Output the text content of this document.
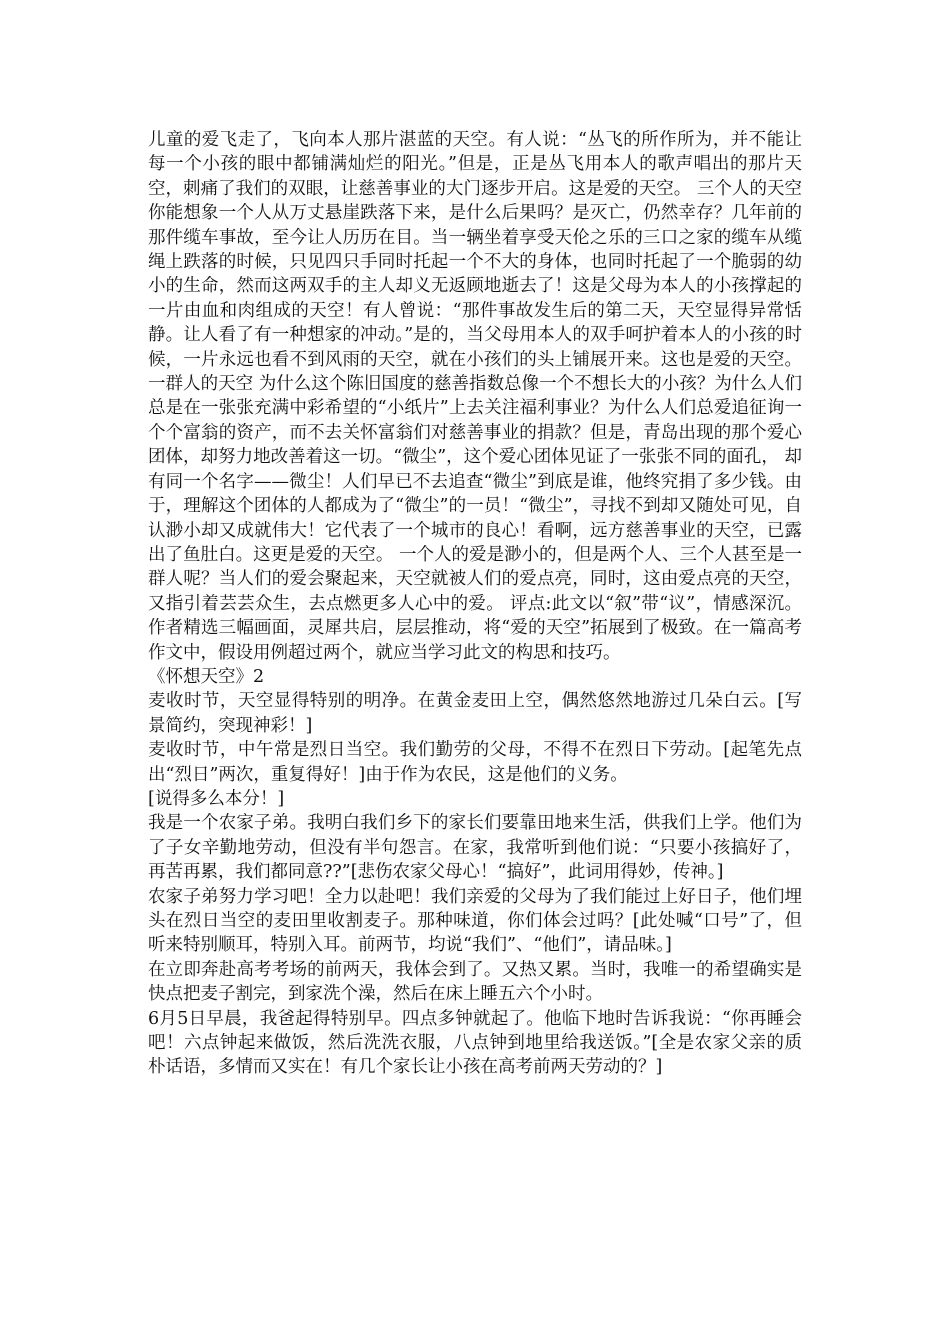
儿童的爱飞走了，飞向本人那片湛蓝的天空。有人说：“丛飞的所作所为，并不能让每一个小孩的眼中都铺满灿烂的阳光。”但是，正是丛飞用本人的歌声唱出的那片天空，刺痛了我们的双眼，让慈善事业的大门逐步开启。这是爱的天空。 三个人的天空 你能想象一个人从万丈悬崖跌落下来，是什么后果吗？是灭亡，仍然幸存？几年前的那件缆车事故，至今让人历历在目。当一辆坐着享受天伦之乐的三口之家的缆车从缆绳上跌落的时候，只见四只手同时托起一个不大的身体，也同时托起了一个脆弱的幼小的生命，然而这两双手的主人却义无返顾地逝去了！这是父母为本人的小孩撑起的一片由血和肉组成的天空！有人曾说：“那件事故发生后的第二天，天空显得异常恬静。让人看了有一种想家的冲动。”是的，当父母用本人的双手呵护着本人的小孩的时候，一片永远也看不到风雨的天空，就在小孩们的头上铺展开来。这也是爱的天空。 一群人的天空 为什么这个陈旧国度的慈善指数总像一个不想长大的小孩？为什么人们总是在一张张充满中彩希望的“小纸片”上去关注福利事业？为什么人们总爱追征询一个个富翁的资产，而不去关怀富翁们对慈善事业的捐款？但是，青岛出现的那个爱心团体，却努力地改善着这一切。“微尘”，这个爱心团体见证了一张张不同的面孔， 却有同一个名字——微尘！人们早已不去追查“微尘”到底是谁，他终究捐了多少钱。由于，理解这个团体的人都成为了“微尘”的一员！“微尘”，寻找不到却又随处可见，自认渺小却又成就伟大！它代表了一个城市的良心！看啊，远方慈善事业的天空，已露出了鱼肚白。这更是爱的天空。 一个人的爱是渺小的，但是两个人、三个人甚至是一群人呢？当人们的爱会聚起来，天空就被人们的爱点亮，同时，这由爱点亮的天空，又指引着芸芸众生，去点燃更多人心中的爱。 评点:此文以“叙”带“议”，情感深沉。作者精选三幅画面，灵犀共启，层层推动，将“爱的天空”拓展到了极致。在一篇高考作文中，假设用例超过两个，就应当学习此文的构思和技巧。

《怀想天空》2

麦收时节，天空显得特别的明净。在黄金麦田上空，偶然悠然地游过几朵白云。[写景简约，突现神彩！]

麦收时节，中午常是烈日当空。我们勤劳的父母，不得不在烈日下劳动。[起笔先点出“烈日”两次，重复得好！]由于作为农民，这是他们的义务。

[说得多么本分！]

我是一个农家子弟。我明白我们乡下的家长们要靠田地来生活，供我们上学。他们为了子女辛勤地劳动，但没有半句怨言。在家，我常听到他们说：“只要小孩搞好了，再苦再累，我们都同意??”[悲伤农家父母心！“搞好”，此词用得妙，传神。]

农家子弟努力学习吧！全力以赴吧！我们亲爱的父母为了我们能过上好日子，他们埋头在烈日当空的麦田里收割麦子。那种味道，你们体会过吗？[此处喊“口号”了，但听来特别顺耳，特别入耳。前两节，均说“我们”、“他们”，请品味。]

在立即奔赴高考考场的前两天，我体会到了。又热又累。当时，我唯一的希望确实是快点把麦子割完，到家洗个澡，然后在床上睡五六个小时。

6月5日早晨，我爸起得特别早。四点多钟就起了。他临下地时告诉我说：“你再睡会吧！六点钟起来做饭，然后洗洗衣服，八点钟到地里给我送饭。”[全是农家父亲的质朴话语，多情而又实在！有几个家长让小孩在高考前两天劳动的？]
